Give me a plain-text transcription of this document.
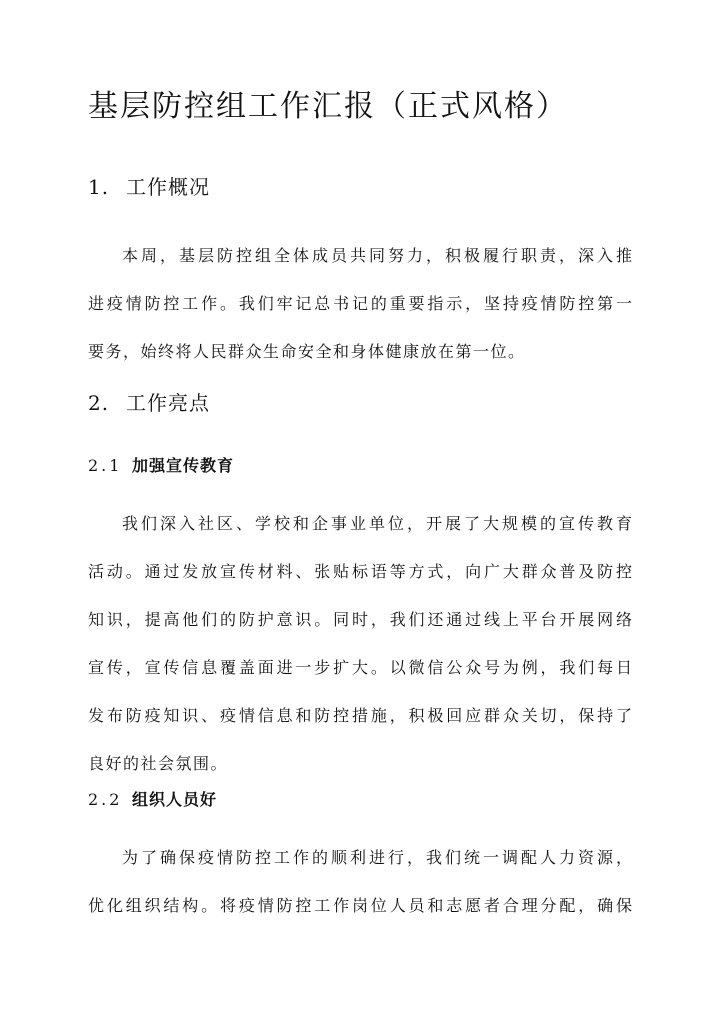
基层防控组工作汇报（正式风格）
1. 工作概况
本周，基层防控组全体成员共同努力，积极履行职责，深入推
进疫情防控工作。我们牢记总书记的重要指示，坚持疫情防控第一
要务，始终将人民群众生命安全和身体健康放在第一位。
2. 工作亮点
2.1 加强宣传教育
我们深入社区、学校和企事业单位，开展了大规模的宣传教育
活动。通过发放宣传材料、张贴标语等方式，向广大群众普及防控
知识，提高他们的防护意识。同时，我们还通过线上平台开展网络
宣传，宣传信息覆盖面进一步扩大。以微信公众号为例，我们每日
发布防疫知识、疫情信息和防控措施，积极回应群众关切，保持了
良好的社会氛围。
2.2 组织人员好
为了确保疫情防控工作的顺利进行，我们统一调配人力资源，
优化组织结构。将疫情防控工作岗位人员和志愿者合理分配，确保
